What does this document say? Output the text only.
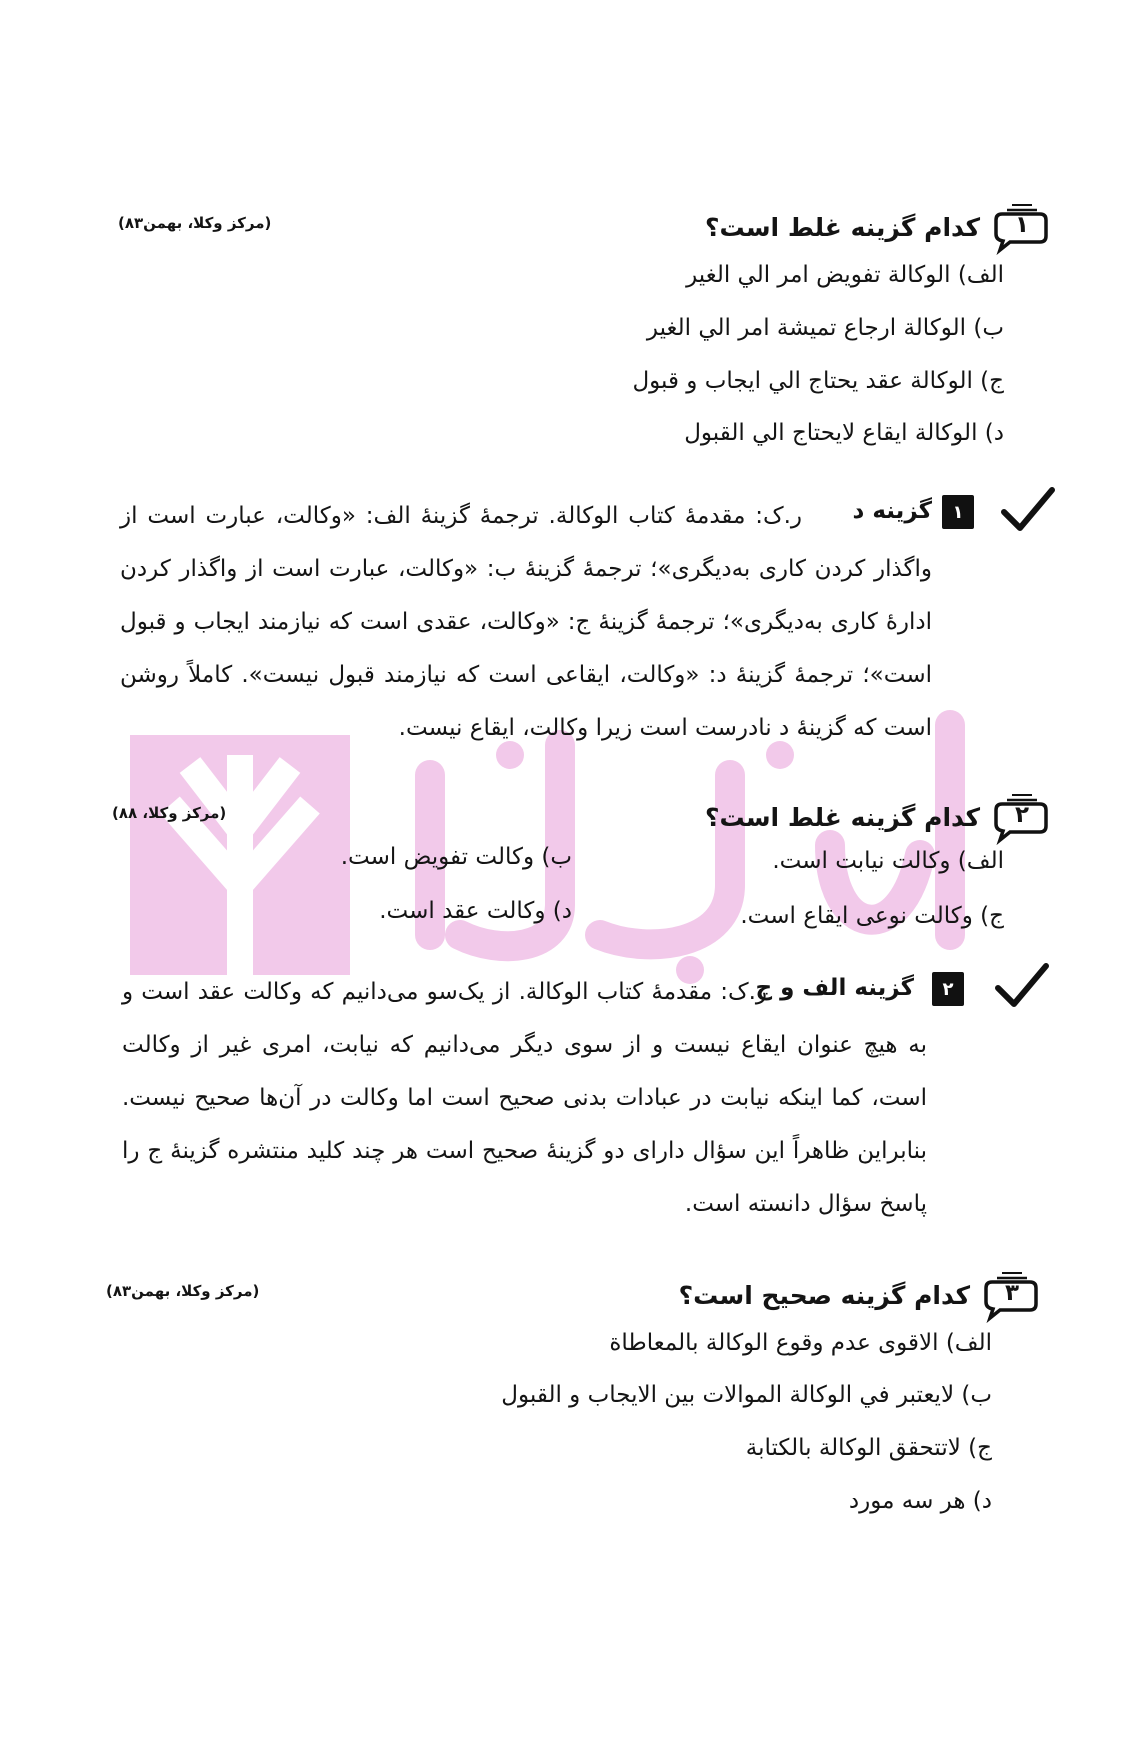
ادبازار
۱
کدام گزینه غلط است؟
(مرکز وکلا، بهمن۸۳)
الف) الوكالة تفويض امر الي الغير
ب) الوكالة ارجاع تميشة امر الي الغير
ج) الوكالة عقد يحتاج الي ايجاب و قبول
د) الوكالة ايقاع لايحتاج الي القبول
۱
گزینه د
ر.ک: مقدمهٔ کتاب الوکالة. ترجمهٔ گزینهٔ الف: «وکالت، عبارت است از واگذار کردن کاری به‌دیگری»؛ ترجمهٔ گزینهٔ ب: «وکالت، عبارت است از واگذار کردن ادارهٔ کاری به‌دیگری»؛ ترجمهٔ گزینهٔ ج: «وکالت، عقدی است که نیازمند ایجاب و قبول است»؛ ترجمهٔ گزینهٔ د: «وکالت، ایقاعی است که نیازمند قبول نیست». کاملاً روشن است که گزینهٔ د نادرست است زیرا وکالت، ایقاع نیست.
۲
کدام گزینه غلط است؟
(مرکز وکلا، ۸۸)
الف) وکالت نیابت است.
ب) وکالت تفویض است.
ج) وکالت نوعی ایقاع است.
د) وکالت عقد است.
۲
گزینه الف و ج
ر.ک: مقدمهٔ کتاب الوکالة. از یک‌سو می‌دانیم که وکالت عقد است و به هیچ عنوان ایقاع نیست و از سوی دیگر می‌دانیم که نیابت، امری غیر از وکالت است، کما اینکه نیابت در عبادات بدنی صحیح است اما وکالت در آن‌ها صحیح نیست. بنابراین ظاهراً این سؤال دارای دو گزینهٔ صحیح است هر چند کلید منتشره گزینهٔ ج را پاسخ سؤال دانسته است.
۳
کدام گزینه صحیح است؟
(مرکز وکلا، بهمن۸۳)
الف) الاقوى عدم وقوع الوكالة بالمعاطاة
ب) لايعتبر في الوكالة الموالات بين الايجاب و القبول
ج) لاتتحقق الوكالة بالكتابة
د) هر سه مورد
